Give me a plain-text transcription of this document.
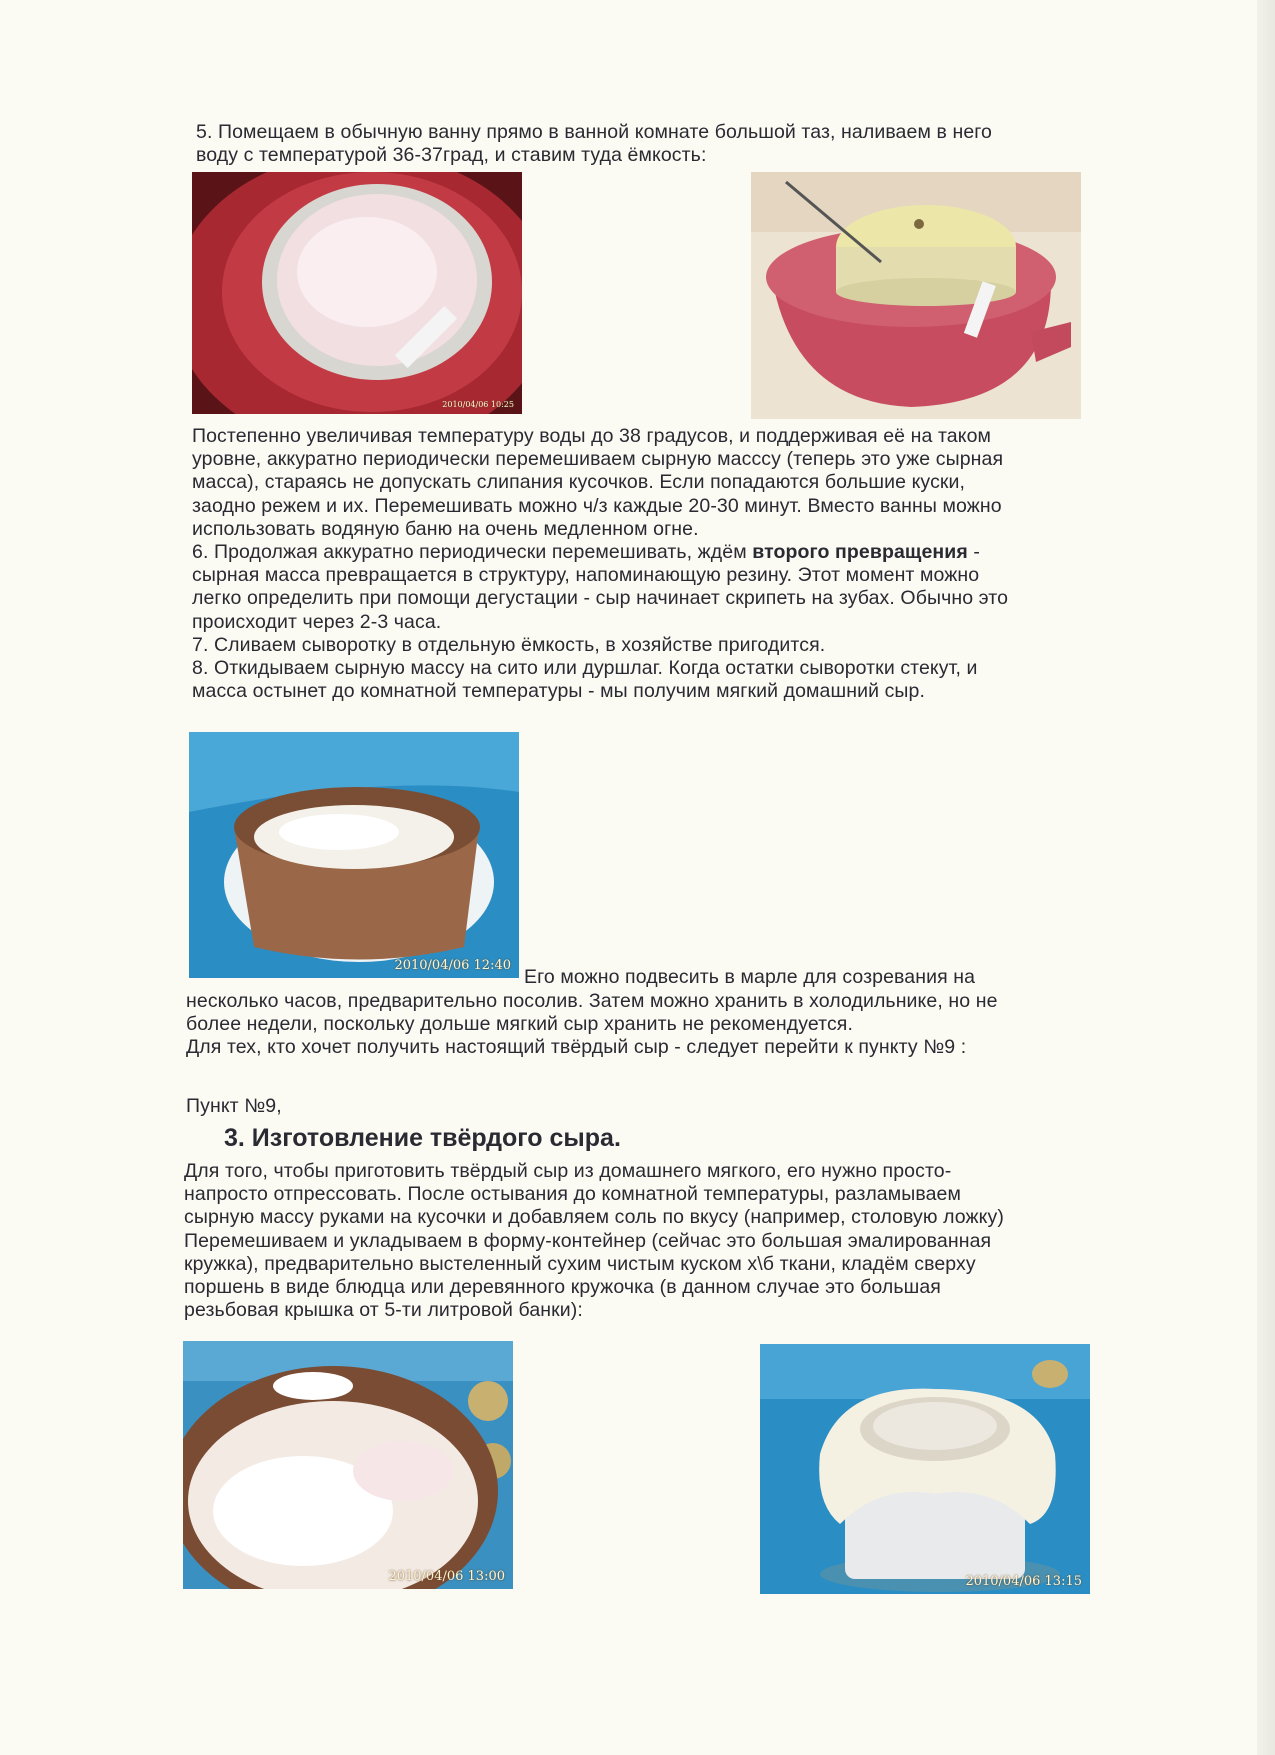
5. Помещаем в обычную ванну прямо в ванной комнате большой таз, наливаем в него
воду с температурой 36-37град, и ставим туда ёмкость:
2010/04/06 10:25
Постепенно увеличивая температуру воды до 38 градусов, и поддерживая её на таком
уровне, аккуратно периодически перемешиваем сырную масссу (теперь это уже сырная
масса), стараясь не допускать слипания кусочков. Если попадаются большие куски,
заодно режем и их. Перемешивать можно ч/з каждые 20-30 минут. Вместо ванны можно
использовать водяную баню на очень медленном огне.
6. Продолжая аккуратно периодически перемешивать, ждём второго превращения -
сырная масса превращается в структуру, напоминающую резину. Этот момент можно
легко определить при помощи дегустации - сыр начинает скрипеть на зубах. Обычно это
происходит через 2-3 часа.
7. Сливаем сыворотку в отдельную ёмкость, в хозяйстве пригодится.
8. Откидываем сырную массу на сито или дуршлаг. Когда остатки сыворотки стекут, и
масса остынет до комнатной температуры - мы получим мягкий домашний сыр.
2010/04/06 12:40
Его можно подвесить в марле для созревания на
несколько часов, предварительно посолив. Затем можно хранить в холодильнике, но не
более недели, поскольку дольше мягкий сыр хранить не рекомендуется.
Для тех, кто хочет получить настоящий твёрдый сыр - следует перейти к пункту №9 :
Пункт №9,
3. Изготовление твёрдого сыра.
Для того, чтобы приготовить твёрдый сыр из домашнего мягкого, его нужно просто-
напросто отпрессовать. После остывания до комнатной температуры, разламываем
сырную массу руками на кусочки и добавляем соль по вкусу (например, столовую ложку)
Перемешиваем и укладываем в форму-контейнер (сейчас это большая эмалированная
кружка), предварительно выстеленный сухим чистым куском х\б ткани, кладём сверху
поршень в виде блюдца или деревянного кружочка (в данном случае это большая
резьбовая крышка от 5-ти литровой банки):
2010/04/06 13:00	2010/04/06 13:15
